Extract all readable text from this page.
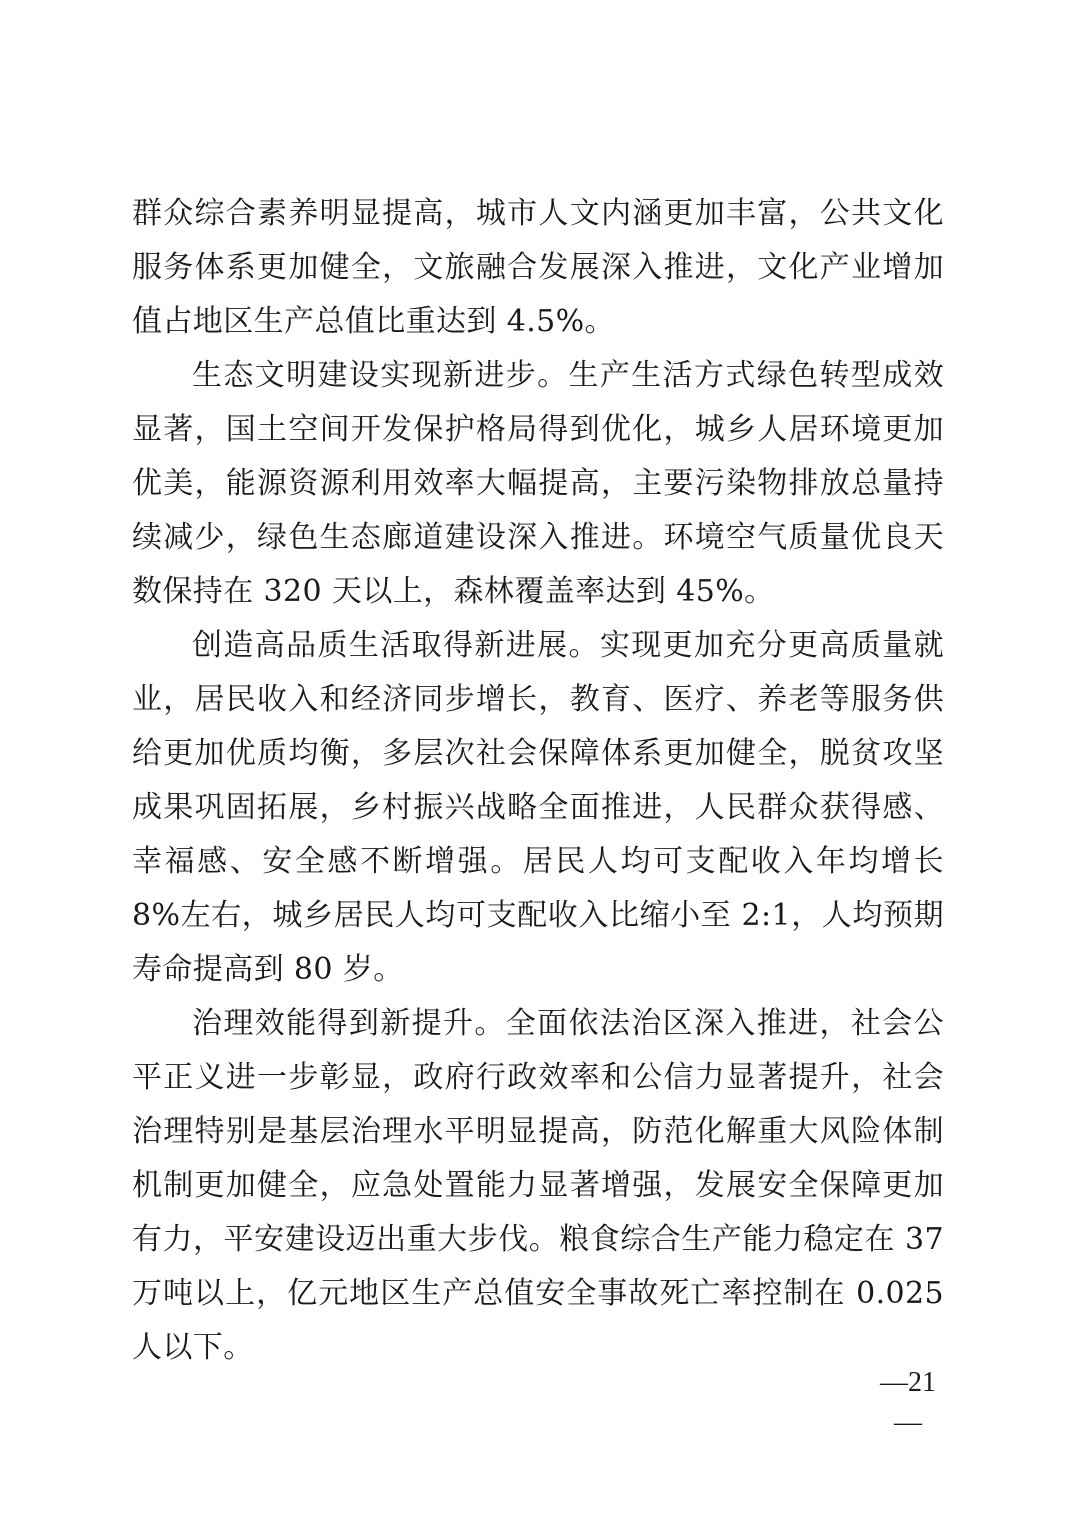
群众综合素养明显提高，城市人文内涵更加丰富，公共文化服务体系更加健全，文旅融合发展深入推进，文化产业增加值占地区生产总值比重达到 4.5%。

生态文明建设实现新进步。生产生活方式绿色转型成效显著，国土空间开发保护格局得到优化，城乡人居环境更加优美，能源资源利用效率大幅提高，主要污染物排放总量持续减少，绿色生态廊道建设深入推进。环境空气质量优良天数保持在 320 天以上，森林覆盖率达到 45%。

创造高品质生活取得新进展。实现更加充分更高质量就业，居民收入和经济同步增长，教育、医疗、养老等服务供给更加优质均衡，多层次社会保障体系更加健全，脱贫攻坚成果巩固拓展，乡村振兴战略全面推进，人民群众获得感、幸福感、安全感不断增强。居民人均可支配收入年均增长 8%左右，城乡居民人均可支配收入比缩小至 2:1，人均预期寿命提高到 80 岁。

治理效能得到新提升。全面依法治区深入推进，社会公平正义进一步彰显，政府行政效率和公信力显著提升，社会治理特别是基层治理水平明显提高，防范化解重大风险体制机制更加健全，应急处置能力显著增强，发展安全保障更加有力，平安建设迈出重大步伐。粮食综合生产能力稳定在 37 万吨以上，亿元地区生产总值安全事故死亡率控制在 0.025 人以下。

—21—
